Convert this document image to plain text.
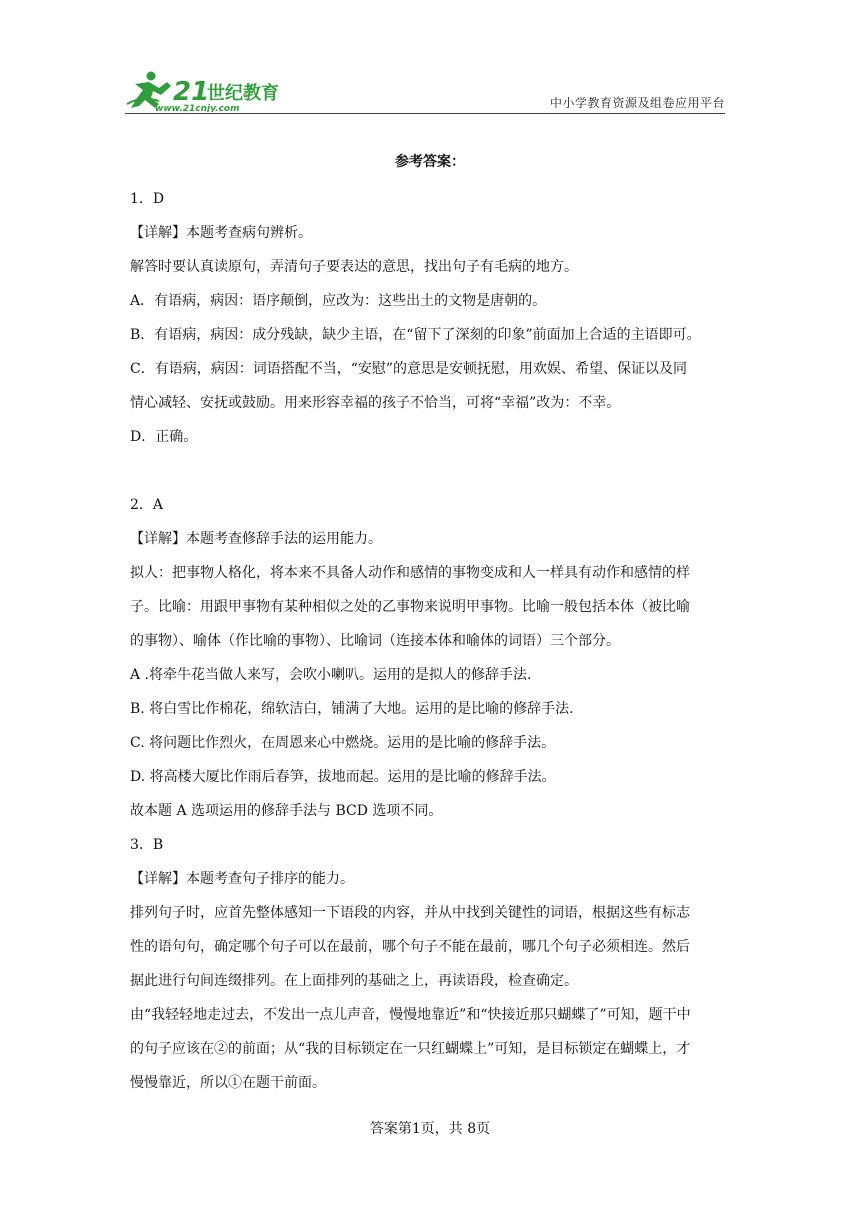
21
世纪教育
www.21cnjy.com	中小学教育资源及组卷应用平台
参考答案：

1．D

【详解】本题考查病句辨析。

解答时要认真读原句，弄清句子要表达的意思，找出句子有毛病的地方。

A．有语病，病因：语序颠倒，应改为：这些出土的文物是唐朝的。

B．有语病，病因：成分残缺，缺少主语，在“留下了深刻的印象”前面加上合适的主语即可。

C．有语病，病因：词语搭配不当，“安慰”的意思是安顿抚慰，用欢娱、希望、保证以及同

情心减轻、安抚或鼓励。用来形容幸福的孩子不恰当，可将“幸福”改为：不幸。

D．正确。

2．A

【详解】本题考查修辞手法的运用能力。

拟人：把事物人格化，将本来不具备人动作和感情的事物变成和人一样具有动作和感情的样

子。比喻：用跟甲事物有某种相似之处的乙事物来说明甲事物。比喻一般包括本体（被比喻

的事物）、喻体（作比喻的事物）、比喻词（连接本体和喻体的词语）三个部分。

A .将牵牛花当做人来写，会吹小喇叭。运用的是拟人的修辞手法.

B. 将白雪比作棉花，绵软洁白，铺满了大地。运用的是比喻的修辞手法.

C. 将问题比作烈火，在周恩来心中燃烧。运用的是比喻的修辞手法。

D. 将高楼大厦比作雨后春笋，拔地而起。运用的是比喻的修辞手法。

故本题 A 选项运用的修辞手法与 BCD 选项不同。

3．B

【详解】本题考查句子排序的能力。

排列句子时，应首先整体感知一下语段的内容，并从中找到关键性的词语，根据这些有标志

性的语句句，确定哪个句子可以在最前，哪个句子不能在最前，哪几个句子必须相连。然后

据此进行句间连缀排列。在上面排列的基础之上，再读语段，检查确定。

由“我轻轻地走过去，不发出一点儿声音，慢慢地靠近”和“快接近那只蝴蝶了”可知，题干中

的句子应该在②的前面；从“我的目标锁定在一只红蝴蝶上”可知，是目标锁定在蝴蝶上，才

慢慢靠近，所以①在题干前面。

答案第1页，共 8页
